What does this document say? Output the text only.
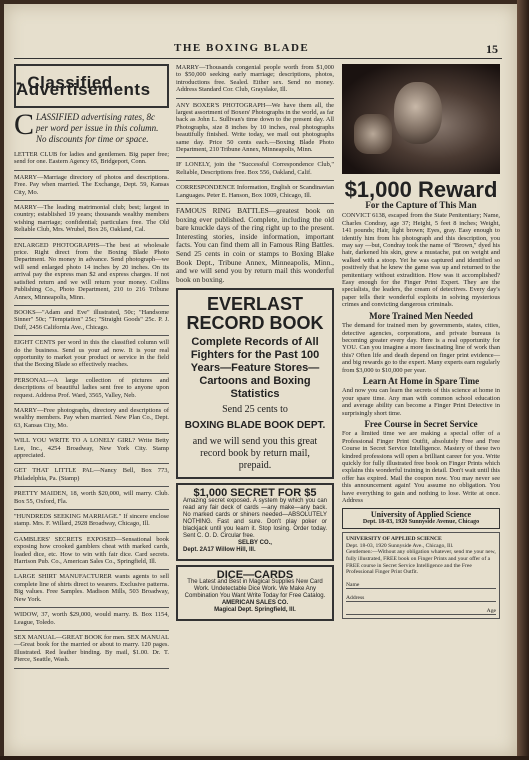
THE BOXING BLADE	15
- Classified Advertisements
CLASSIFIED advertising rates, 8c per word per issue in this column. No discounts for time or space.
LETTER CLUB for ladies and gentlemen. Big paper free; send for one. Eastern Agency 65, Bridgeport, Conn.
MARRY—Marriage directory of photos and descriptions. Free. Pay when married. The Exchange, Dept. 59, Kansas City, Mo.
MARRY—The leading matrimonial club; best; largest in country; established 19 years; thousands wealthy members wishing marriage; confidential; particulars free. The Old Reliable Club, Mrs. Wrubel, Box 26, Oakland, Cal.
ENLARGED PHOTOGRAPHS—The best at wholesale price. Right direct from the Boxing Blade Photo Department. No money in advance. Send photograph—we will send enlarged photo 14 inches by 20 inches. On its arrival pay the express man $2 and express charges. If not satisfied return and we will return your money. Collins Publishing Co., Photo Department, 210 to 216 Tribune Annex, Minneapolis, Minn.
BOOKS—"Adam and Eve" illustrated, 50c; "Handsome Sinner" 50c; "Temptation" 25c; "Straight Goods" 25c. P. J. Duff, 2456 California Ave., Chicago.
EIGHT CENTS per word in this the classified column will do the business. Send us your ad now. It is your real opportunity to market your product or service in the field that the Boxing Blade so effectively reaches.
PERSONAL—A large collection of pictures and descriptions of beautiful ladies sent free to anyone upon request. Address Prof. Ward, 3565, Valley, Neb.
MARRY—Free photographs, directory and descriptions of wealthy members. Pay when married. New Plan Co., Dept. 63, Kansas City, Mo.
WILL YOU WRITE TO A LONELY GIRL? Write Betty Lee, Inc., 4254 Broadway, New York City. Stamp appreciated.
GET THAT LITTLE PAL—Nancy Bell, Box 773, Philadelphia, Pa. (Stamp)
PRETTY MAIDEN, 18, worth $20,000, will marry. Club. Box 55, Oxford, Fla.
"HUNDREDS SEEKING MARRIAGE." If sincere enclose stamp. Mrs. F. Willard, 2928 Broadway, Chicago, Ill.
GAMBLERS' SECRETS EXPOSED—Sensational book exposing how crooked gamblers cheat with marked cards, loaded dice, etc. How to win with fair dice. Card secrets. Harrison Pub. Co., American Sales Co., Springfield, Ill.
LARGE SHIRT MANUFACTURER wants agents to sell complete line of shirts direct to wearers. Exclusive patterns. Big values. Free Samples. Madison Mills, 503 Broadway, New York.
WIDOW, 37, worth $29,000, would marry. B. Box 1154, League, Toledo.
SEX MANUAL—GREAT BOOK for men. SEX MANUAL—Great book for the married or about to marry. 120 pages. Illustrated. Red leather binding. By mail, $1.00. Dr. T. Pierce, Seattle, Wash.
MARRY—Thousands congenial people worth from $1,000 to $50,000 seeking early marriage; descriptions, photos, introductions free. Sealed. Either sex. Send no money. Address Standard Cor. Club, Grayslake, Ill.
ANY BOXER'S PHOTOGRAPH—We have them all, the largest assortment of Boxers' Photographs in the world, as far back as John L. Sullivan's time down to the present day. All Photographs, size 8 inches by 10 inches, real photographs beautifully finished. Write today, we mail out photographs same day. Price 50 cents each.—Boxing Blade Photo Department, 210 Tribune Annex, Minneapolis, Minn.
IF LONELY, join the "Successful Correspondence Club," Reliable, Descriptions free. Box 556, Oakland, Calif.
CORRESPONDENCE Information, English or Scandinavian Languages. Peter E. Hanson, Box 1009, Chicago, Ill.
FAMOUS RING BATTLES—greatest book on boxing ever published. Complete, including the old bare knuckle days of the ring right up to the present. Interesting stories, inside information, important facts. You can find them all in Famous Ring Battles. Send 25 cents in coin or stamps to Boxing Blake Book Dept., Tribune Annex, Minneapolis, Minn., and we will send you by return mail this wonderful book on boxing.
EVERLAST
RECORD BOOK
Complete Records of All Fighters for the Past 100 Years—Feature Stores—Cartoons and Boxing Statistics
Send 25 cents to
BOXING BLADE BOOK DEPT.
and we will send you this great record book by return mail, prepaid.
$1,000 SECRET FOR $5
Amazing secret exposed. A system by which you can read any fair deck of cards —any make—any back. No marked cards or shiners needed—ABSOLUTELY NOTHING. Fast and sure. Don't play poker or blackjack until you learn it. Stop losing. Order today. Sent C. O. D. Circular free.
SELBY CO.,
Dept. 2A17 Willow Hill, Ill.
DICE—CARDS
The Latest and Best in Magical Supplies New Card Work. Undetectable Dice Work. We Make Any Combination You Want Write Today for Free Catalog.
AMERICAN SALES CO.
Magical Dept. Springfield, Ill.
$1,000 Reward
For the Capture of This Man
CONVICT 6138, escaped from the State Penitentiary; Name, Charles Condray, age 37; Height, 5 feet 8 inches; Weight, 141 pounds; Hair, light brown; Eyes, gray. Easy enough to identify him from his photograph and this description, you may say —but, Condray took the name of "Brown," dyed his hair, darkened his skin, grew a mustache, put on weight and walked with a stoop. Yet he was captured and identified so positively that he knew the game was up and returned to the penitentiary without extradition. How was it accomplished? Easy enough for the Finger Print Expert. They are the specialists, the leaders, the cream of detectives. Every day's paper tells their wonderful exploits in solving mysterious crimes and convicting dangerous criminals.
More Trained Men Needed
The demand for trained men by governments, states, cities, detective agencies, corporations, and private bureaus is becoming greater every day. Here is a real opportunity for YOU. Can you imagine a more fascinating line of work than this? Often life and death depend on finger print evidence—and big rewards go to the expert. Many experts earn regularly from $3,000 to $10,000 per year.
Learn At Home in Spare Time
And now you can learn the secrets of this science at home in your spare time. Any man with common school education and average ability can become a Finger Print Detective in surprisingly short time.
Free Course in Secret Service
For a limited time we are making a special offer of a Professional Finger Print Outfit, absolutely Free and Free Course in Secret Service Intelligence. Mastery of these two kindred professions will open a brilliant career for you. Write quickly for fully illustrated free book on Finger Prints which explains this wonderful training in detail. Don't wait until this offer has expired. Mail the coupon now. You may never see this announcement again! You assume no obligation. You have everything to gain and nothing to lose. Write at once. Address
University of Applied Science
Dept. 18-03, 1920 Sunnyside Avenue, Chicago
UNIVERSITY OF APPLIED SCIENCE
Dept. 18-03, 1920 Sunnyside Ave., Chicago, Ill.
Gentlemen:—Without any obligation whatever, send me your new, fully illustrated, FREE book on Finger Prints and your offer of a FREE course in Secret Service Intelligence and the Free Professional Finger Print Outfit.
Name
Address
Age
